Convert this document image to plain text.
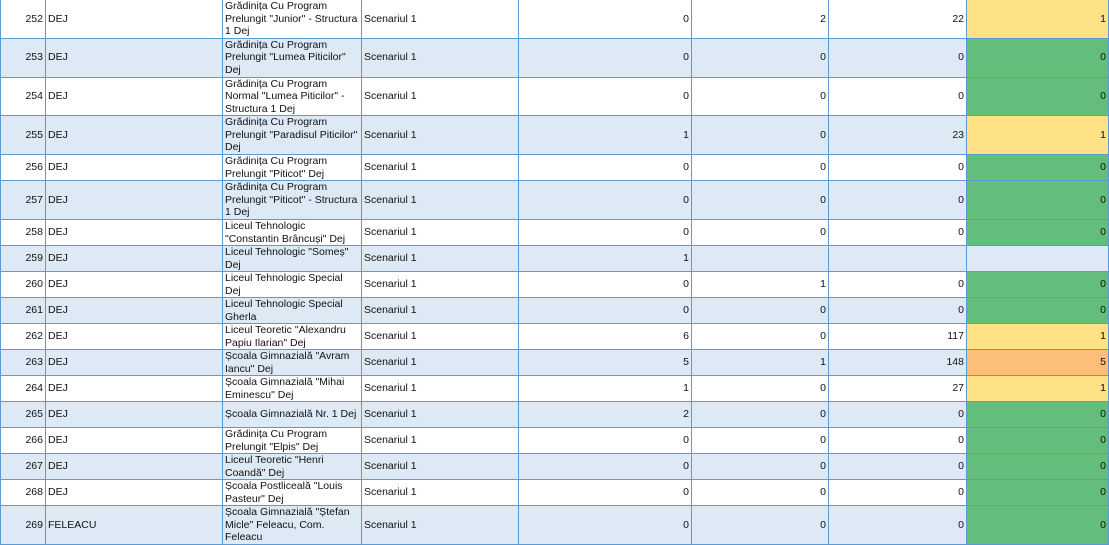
252	DEJ	Grădinița Cu Program Prelungit "Junior" - Structura 1 Dej	Scenariul 1	0	2	22	1
253	DEJ	Grădinița Cu Program Prelungit "Lumea Piticilor" Dej	Scenariul 1	0	0	0	0
254	DEJ	Grădinița Cu Program Normal "Lumea Piticilor" - Structura 1 Dej	Scenariul 1	0	0	0	0
255	DEJ	Grădinița Cu Program Prelungit "Paradisul Piticilor" Dej	Scenariul 1	1	0	23	1
256	DEJ	Grădinița Cu Program Prelungit "Piticot" Dej	Scenariul 1	0	0	0	0
257	DEJ	Grădinița Cu Program Prelungit "Piticot" - Structura 1 Dej	Scenariul 1	0	0	0	0
258	DEJ	Liceul Tehnologic "Constantin Brâncuși" Dej	Scenariul 1	0	0	0	0
259	DEJ	Liceul Tehnologic "Someș" Dej	Scenariul 1	1			
260	DEJ	Liceul Tehnologic Special Dej	Scenariul 1	0	1	0	0
261	DEJ	Liceul Tehnologic Special Gherla	Scenariul 1	0	0	0	0
262	DEJ	Liceul Teoretic "Alexandru Papiu Ilarian" Dej	Scenariul 1	6	0	117	1
263	DEJ	Școala Gimnazială "Avram Iancu" Dej	Scenariul 1	5	1	148	5
264	DEJ	Școala Gimnazială "Mihai Eminescu" Dej	Scenariul 1	1	0	27	1
265	DEJ	Școala Gimnazială Nr. 1 Dej	Scenariul 1	2	0	0	0
266	DEJ	Grădinița Cu Program Prelungit "Elpis" Dej	Scenariul 1	0	0	0	0
267	DEJ	Liceul Teoretic "Henri Coandă" Dej	Scenariul 1	0	0	0	0
268	DEJ	Școala Postliceală "Louis Pasteur" Dej	Scenariul 1	0	0	0	0
269	FELEACU	Școala Gimnazială "Ștefan Micle" Feleacu, Com. Feleacu	Scenariul 1	0	0	0	0
